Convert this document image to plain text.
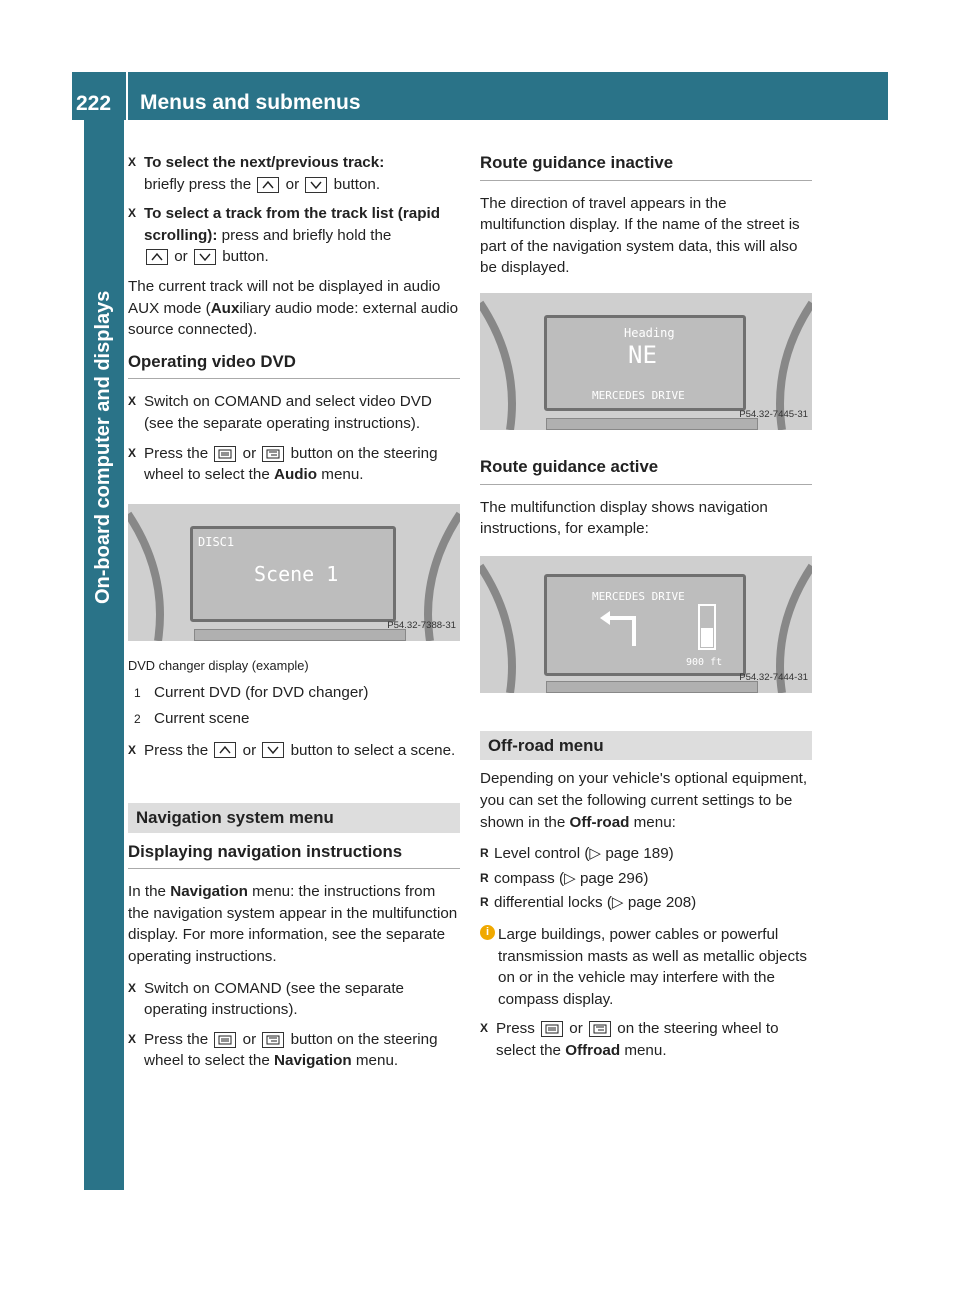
222	Menus and submenus
On-board computer and displays
X To select the next/previous track:
briefly press the or button.
X To select a track from the track list (rapid scrolling): press and briefly hold the

or button.

The current track will not be displayed in audio AUX mode (Auxiliary audio mode: external audio source connected).

Operating video DVD
X Switch on COMAND and select video DVD (see the separate operating instructions).
X Press the or button on the steering wheel to select the Audio menu.
DISC1
Scene 1
P54.32-7388-31
DVD changer display (example)
1 Current DVD (for DVD changer)
2 Current scene
X Press the or button to select a scene.
Navigation system menu
Displaying navigation instructions

In the Navigation menu: the instructions from the navigation system appear in the multifunction display. For more information, see the separate operating instructions.

X Switch on COMAND (see the separate operating instructions).
X Press the or button on the steering wheel to select the Navigation menu.
Route guidance inactive

The direction of travel appears in the multifunction display. If the name of the street is part of the navigation system data, this will also be displayed.

Heading
NE
MERCEDES DRIVE
P54.32-7445-31
Route guidance active

The multifunction display shows navigation instructions, for example:

MERCEDES DRIVE
900 ft
P54.32-7444-31
Off-road menu

Depending on your vehicle's optional equipment, you can set the following current settings to be shown in the Off-road menu:

R Level control (▷ page 189)
R compass (▷ page 296)
R differential locks (▷ page 208)
i Large buildings, power cables or powerful transmission masts as well as metallic objects on or in the vehicle may interfere with the compass display.
X Press or on the steering wheel to select the Offroad menu.
